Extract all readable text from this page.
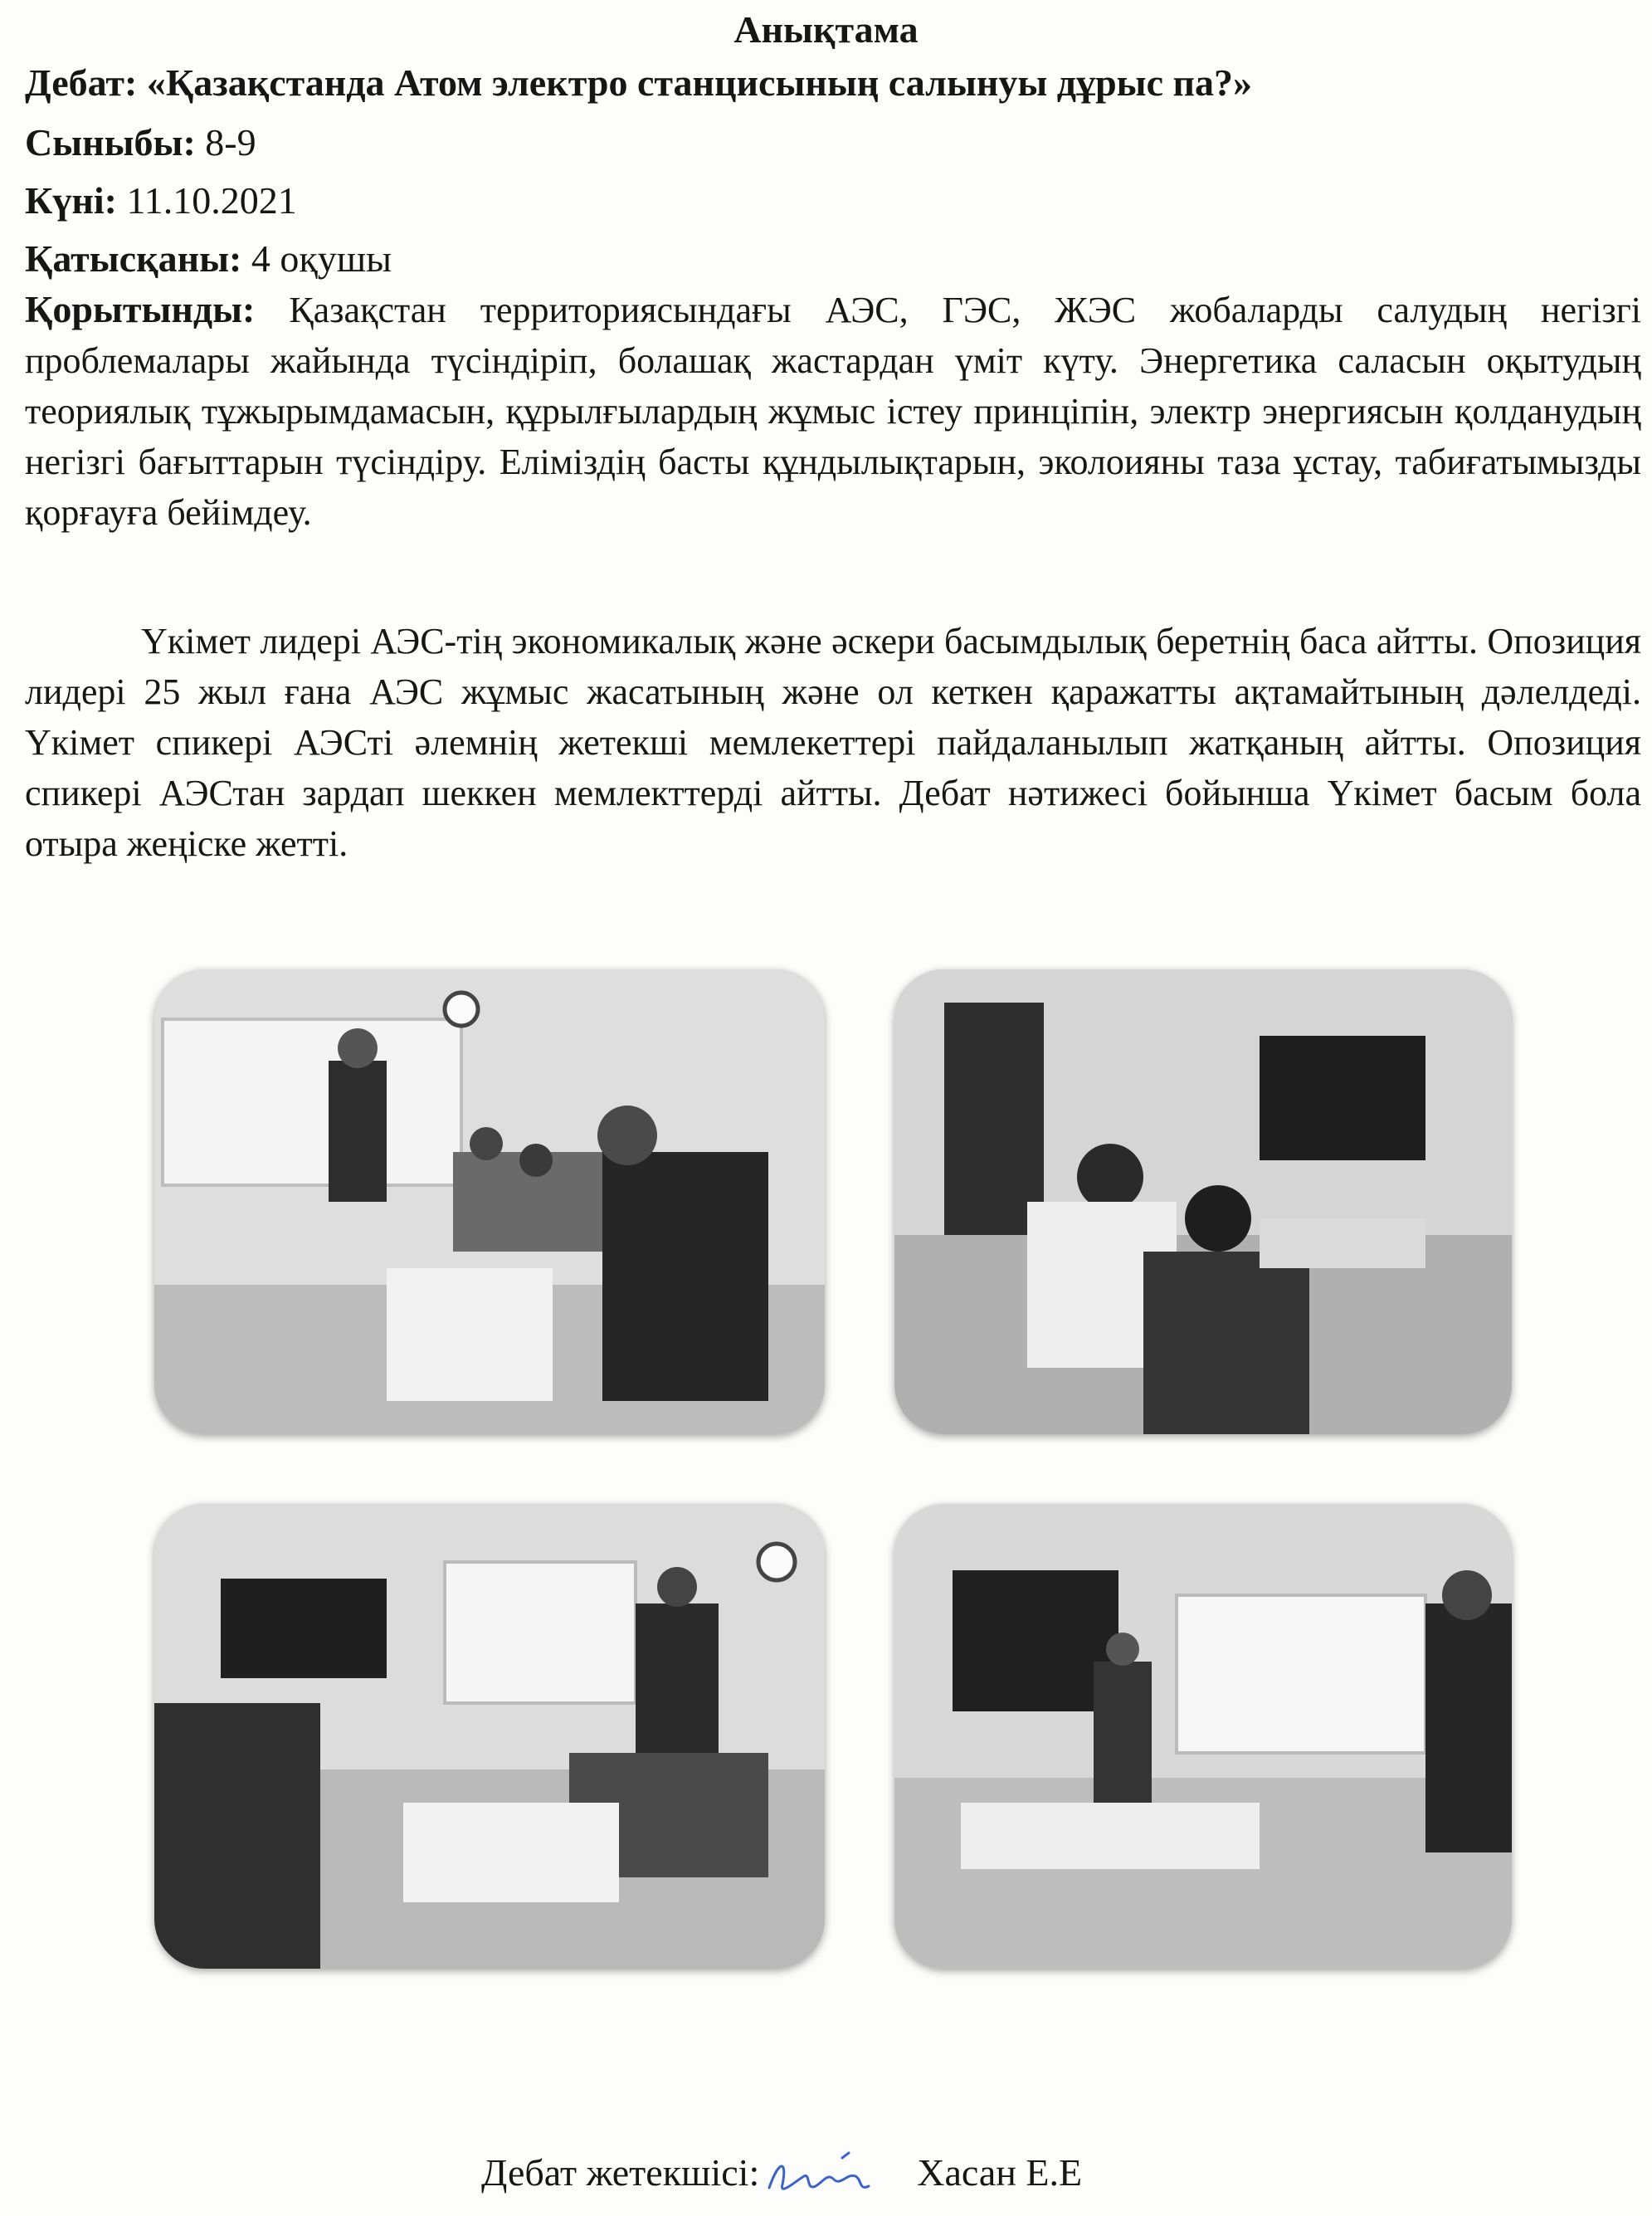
Анықтама
Дебат: «Қазақстанда Атом электро станцисының салынуы дұрыс па?»
Сыныбы: 8-9
Күні: 11.10.2021
Қатысқаны: 4 оқушы
Қорытынды: Қазақстан территориясындағы АЭС, ГЭС, ЖЭС жобаларды салудың негізгі проблемалары жайында түсіндіріп, болашақ жастардан үміт күту. Энергетика саласын оқытудың теориялық тұжырымдамасын, құрылғылардың жұмыс істеу принціпін, электр энергиясын қолданудың негізгі бағыттарын түсіндіру. Еліміздің басты құндылықтарын, эколоияны таза ұстау, табиғатымызды қорғауға бейімдеу.
Үкімет лидері АЭС-тің экономикалық және әскери басымдылық беретнің баса айтты. Опозиция лидері 25 жыл ғана АЭС жұмыс жасатының және ол кеткен қаражатты ақтамайтының дәлелдеді. Үкімет спикері АЭСті әлемнің жетекші мемлекеттері пайдаланылып жатқаның айтты. Опозиция спикері АЭСтан зардап шеккен мемлекттерді айтты. Дебат нәтижесі бойынша Үкімет басым бола отыра жеңіске жетті.
Дебат жетекшісі:	Хасан Е.Е
